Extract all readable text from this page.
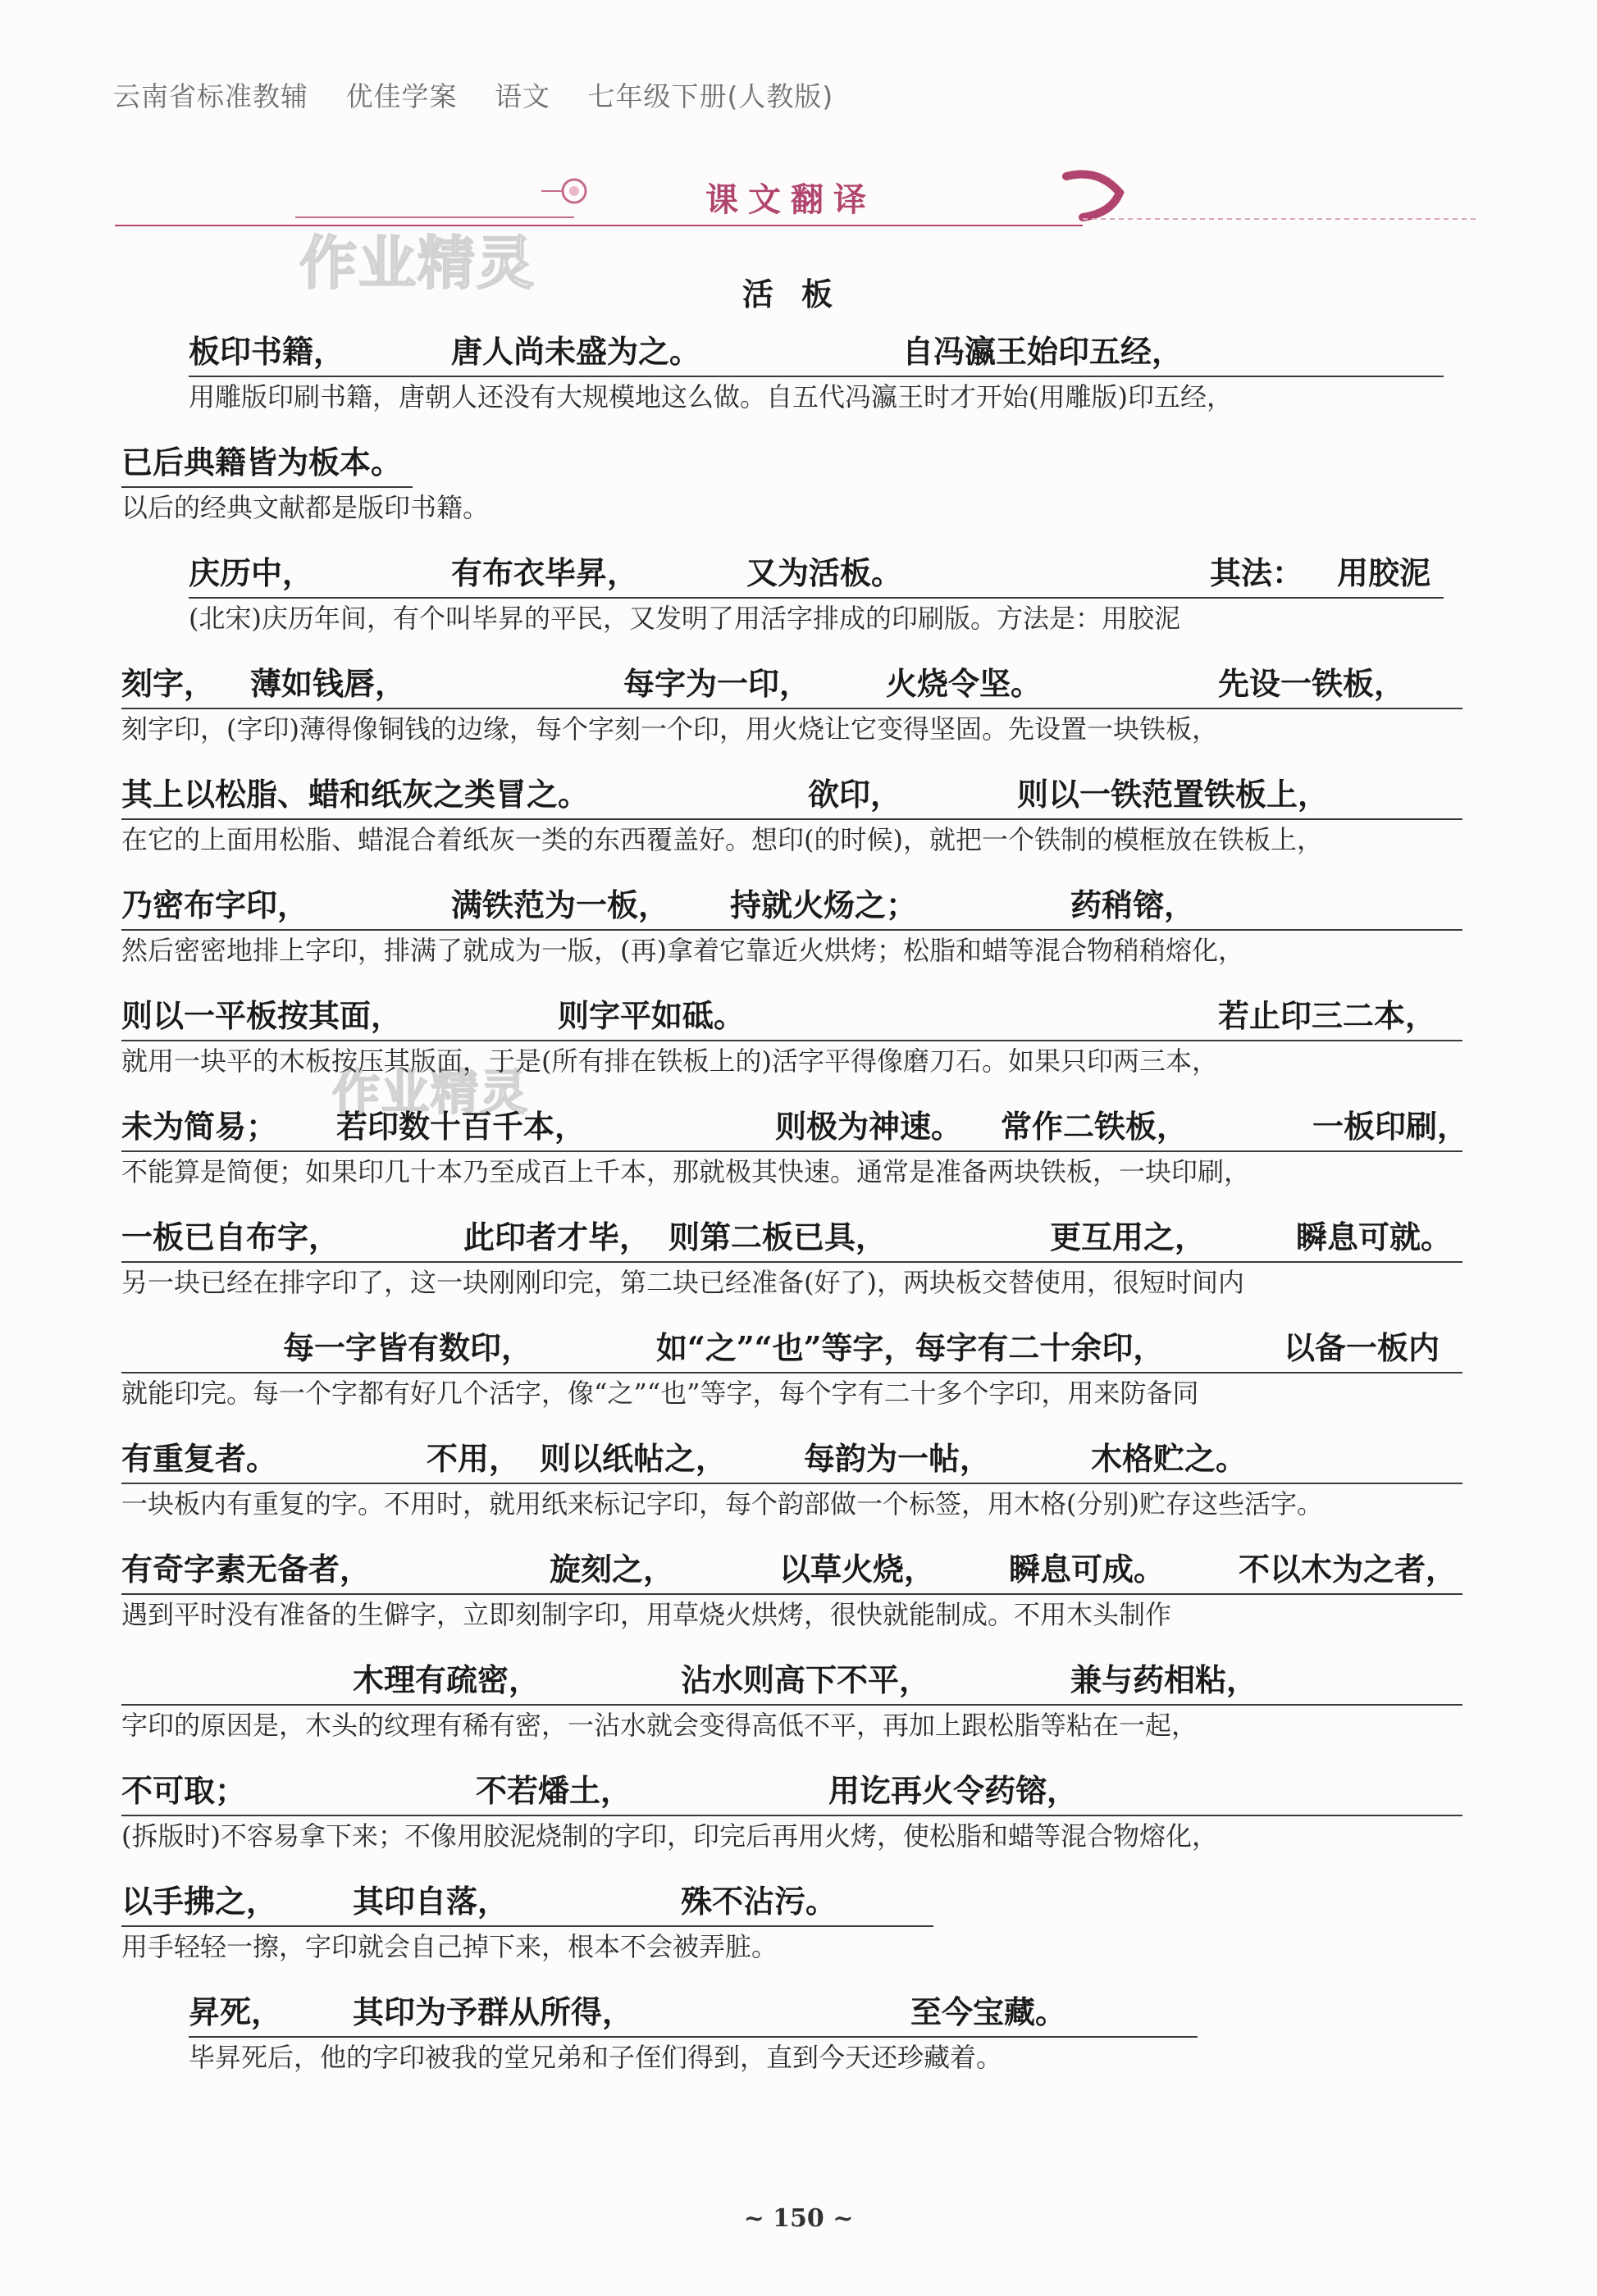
云南省标准教辅 优佳学案 语文 七年级下册(人教版)
课文翻译
作业精灵
作业精灵
活板
板印书籍，	唐人尚未盛为之。	自冯瀛王始印五经，
用雕版印刷书籍，唐朝人还没有大规模地这么做。自五代冯瀛王时才开始(用雕版)印五经，
已后典籍皆为板本。
以后的经典文献都是版印书籍。
庆历中，	有布衣毕昇，	又为活板。	其法： 用胶泥
(北宋)庆历年间，有个叫毕昇的平民，又发明了用活字排成的印刷版。方法是：用胶泥
刻字， 薄如钱唇，	每字为一印， 火烧令坚。	先设一铁板，
刻字印，(字印)薄得像铜钱的边缘，每个字刻一个印，用火烧让它变得坚固。先设置一块铁板，
其上以松脂、蜡和纸灰之类冒之。	欲印，	则以一铁范置铁板上，
在它的上面用松脂、蜡混合着纸灰一类的东西覆盖好。想印(的时候)，就把一个铁制的模框放在铁板上，
乃密布字印，	满铁范为一板， 持就火炀之；	药稍镕，
然后密密地排上字印，排满了就成为一版，(再)拿着它靠近火烘烤；松脂和蜡等混合物稍稍熔化，
则以一平板按其面，	则字平如砥。	若止印三二本，
就用一块平的木板按压其版面，于是(所有排在铁板上的)活字平得像磨刀石。如果只印两三本，
未为简易； 若印数十百千本，	则极为神速。 常作二铁板，	一板印刷，
不能算是简便；如果印几十本乃至成百上千本，那就极其快速。通常是准备两块铁板，一块印刷，
一板已自布字，	此印者才毕， 则第二板已具，	更互用之，	瞬息可就。
另一块已经在排字印了，这一块刚刚印完，第二块已经准备(好了)，两块板交替使用，很短时间内
每一字皆有数印，	如“之”“也”等字，每字有二十余印，	以备一板内
就能印完。每一个字都有好几个活字，像“之”“也”等字，每个字有二十多个字印，用来防备同
有重复者。	不用， 则以纸帖之， 每韵为一帖，	木格贮之。
一块板内有重复的字。不用时，就用纸来标记字印，每个韵部做一个标签，用木格(分别)贮存这些活字。
有奇字素无备者，	旋刻之，	以草火烧， 瞬息可成。 不以木为之者，
遇到平时没有准备的生僻字，立即刻制字印，用草烧火烘烤，很快就能制成。不用木头制作
木理有疏密，	沾水则高下不平，	兼与药相粘，
字印的原因是，木头的纹理有稀有密，一沾水就会变得高低不平，再加上跟松脂等粘在一起，
不可取；	不若燔土，	用讫再火令药镕，
(拆版时)不容易拿下来；不像用胶泥烧制的字印，印完后再用火烤，使松脂和蜡等混合物熔化，
以手拂之， 其印自落，	殊不沾污。
用手轻轻一擦，字印就会自己掉下来，根本不会被弄脏。
昇死， 其印为予群从所得，	至今宝藏。
毕昇死后，他的字印被我的堂兄弟和子侄们得到，直到今天还珍藏着。
~ 150 ~
